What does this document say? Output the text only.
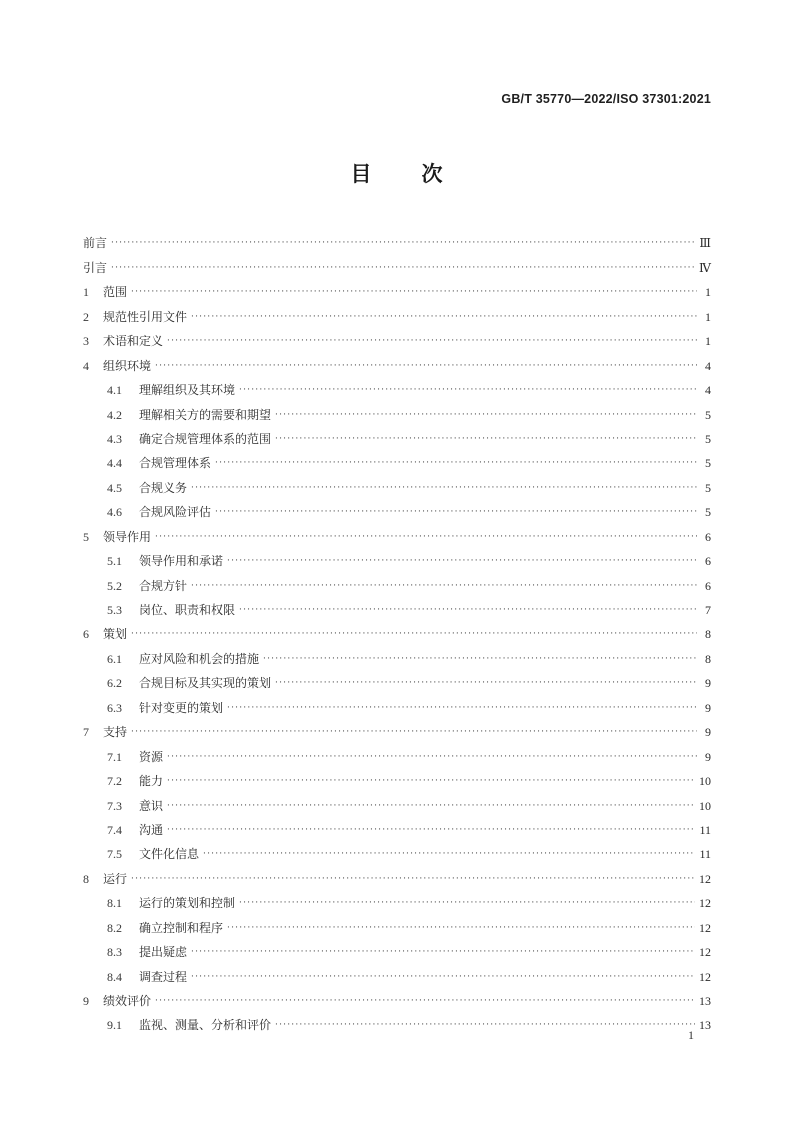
GB/T 35770—2022/ISO 37301:2021
目次
前言 ·····	Ⅲ
引言 ·····	Ⅳ
1	范围 ·····	1
2	规范性引用文件 ·····	1
3	术语和定义 ·····	1
4	组织环境 ·····	4
4.1	理解组织及其环境 ·····	4
4.2	理解相关方的需要和期望 ·····	5
4.3	确定合规管理体系的范围 ·····	5
4.4	合规管理体系 ·····	5
4.5	合规义务 ·····	5
4.6	合规风险评估 ·····	5
5	领导作用 ·····	6
5.1	领导作用和承诺 ·····	6
5.2	合规方针 ·····	6
5.3	岗位、职责和权限 ·····	7
6	策划 ·····	8
6.1	应对风险和机会的措施 ·····	8
6.2	合规目标及其实现的策划 ·····	9
6.3	针对变更的策划 ·····	9
7	支持 ·····	9
7.1	资源 ·····	9
7.2	能力 ·····	10
7.3	意识 ·····	10
7.4	沟通 ·····	11
7.5	文件化信息 ·····	11
8	运行 ·····	12
8.1	运行的策划和控制 ·····	12
8.2	确立控制和程序 ·····	12
8.3	提出疑虑 ·····	12
8.4	调查过程 ·····	12
9	绩效评价 ·····	13
9.1	监视、测量、分析和评价 ·····	13
1
